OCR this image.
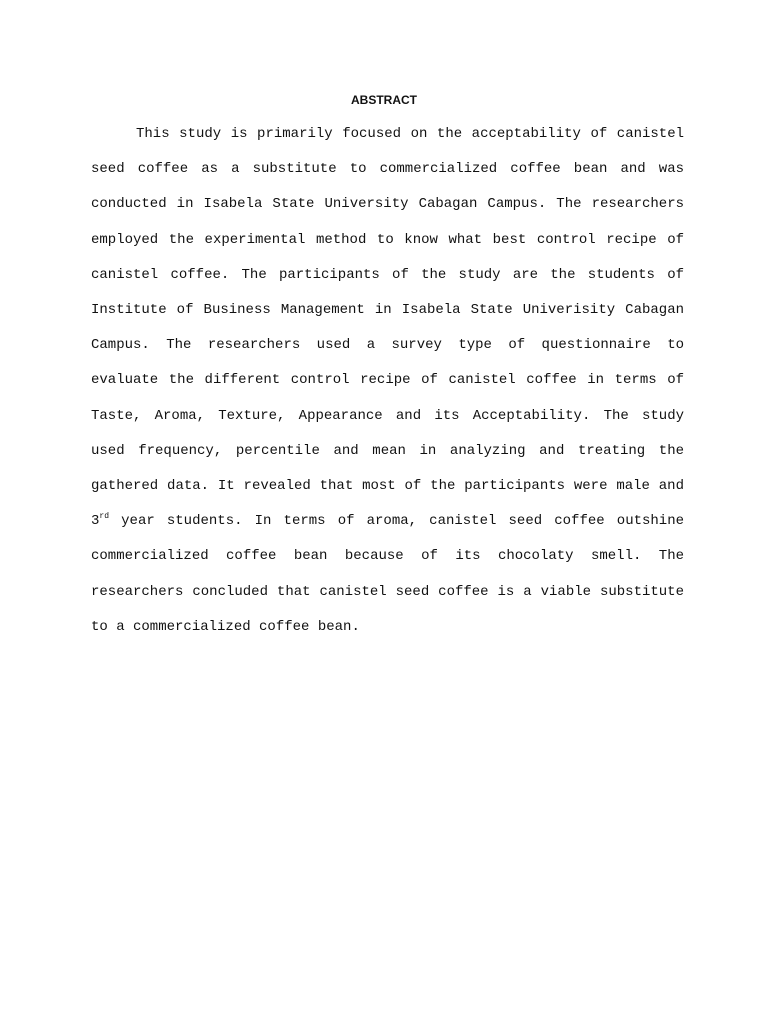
ABSTRACT

This study is primarily focused on the acceptability of canistel seed coffee as a substitute to commercialized coffee bean and was conducted in Isabela State University Cabagan Campus. The researchers employed the experimental method to know what best control recipe of canistel coffee. The participants of the study are the students of Institute of Business Management in Isabela State Univerisity Cabagan Campus. The researchers used a survey type of questionnaire to evaluate the different control recipe of canistel coffee in terms of Taste, Aroma, Texture, Appearance and its Acceptability. The study used frequency, percentile and mean in analyzing and treating the gathered data. It revealed that most of the participants were male and 3rd year students. In terms of aroma, canistel seed coffee outshine commercialized coffee bean because of its chocolaty smell. The researchers concluded that canistel seed coffee is a viable substitute to a commercialized coffee bean.
